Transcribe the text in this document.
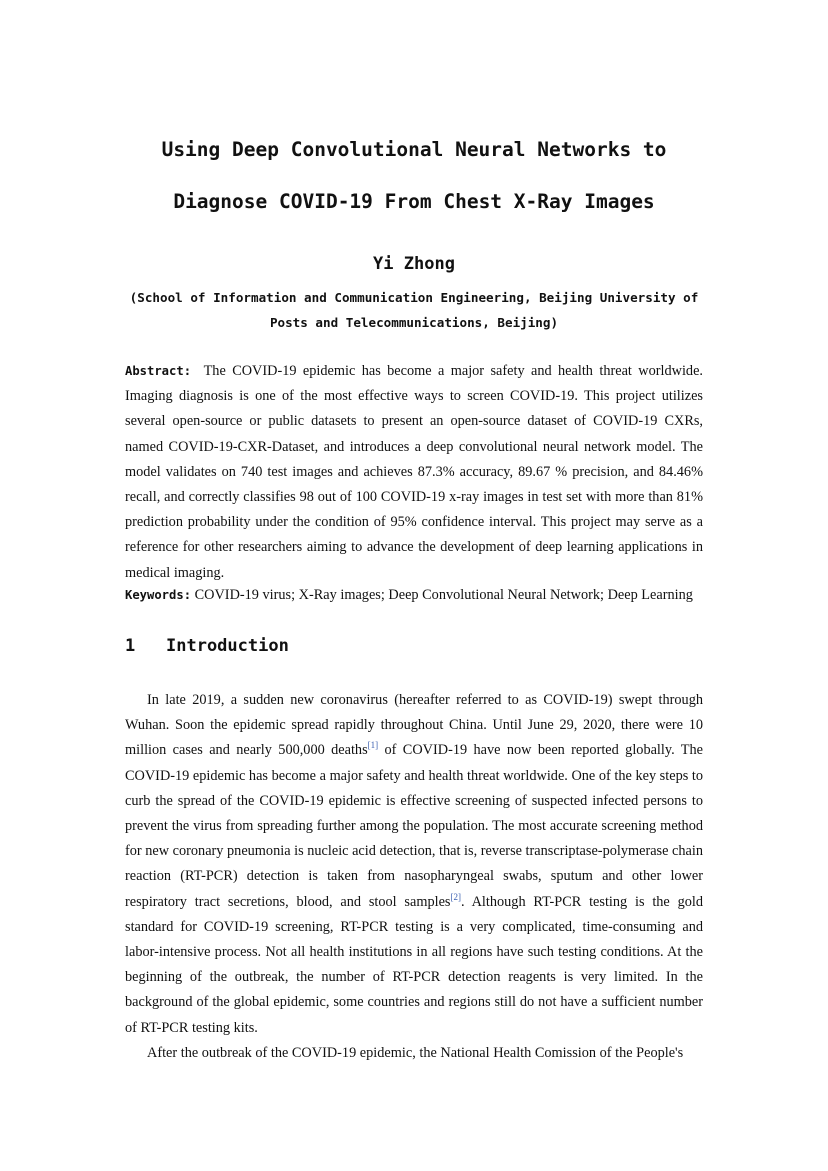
Using Deep Convolutional Neural Networks to
Diagnose COVID-19 From Chest X-Ray Images
Yi Zhong
(School of Information and Communication Engineering, Beijing University of
Posts and Telecommunications, Beijing)

Abstract: The COVID-19 epidemic has become a major safety and health threat worldwide. Imaging diagnosis is one of the most effective ways to screen COVID-19. This project utilizes several open-source or public datasets to present an open-source dataset of COVID-19 CXRs, named COVID-19-CXR-Dataset, and introduces a deep convolutional neural network model. The model validates on 740 test images and achieves 87.3% accuracy, 89.67 % precision, and 84.46% recall, and correctly classifies 98 out of 100 COVID-19 x-ray images in test set with more than 81% prediction probability under the condition of 95% confidence interval. This project may serve as a reference for other researchers aiming to advance the development of deep learning applications in medical imaging.

Keywords: COVID-19 virus; X-Ray images; Deep Convolutional Neural Network; Deep Learning

1 Introduction

In late 2019, a sudden new coronavirus (hereafter referred to as COVID-19) swept through Wuhan. Soon the epidemic spread rapidly throughout China. Until June 29, 2020, there were 10 million cases and nearly 500,000 deaths[1] of COVID-19 have now been reported globally. The COVID-19 epidemic has become a major safety and health threat worldwide. One of the key steps to curb the spread of the COVID-19 epidemic is effective screening of suspected infected persons to prevent the virus from spreading further among the population. The most accurate screening method for new coronary pneumonia is nucleic acid detection, that is, reverse transcriptase-polymerase chain reaction (RT-PCR) detection is taken from nasopharyngeal swabs, sputum and other lower respiratory tract secretions, blood, and stool samples[2]. Although RT-PCR testing is the gold standard for COVID-19 screening, RT-PCR testing is a very complicated, time-consuming and labor-intensive process. Not all health institutions in all regions have such testing conditions. At the beginning of the outbreak, the number of RT-PCR detection reagents is very limited. In the background of the global epidemic, some countries and regions still do not have a sufficient number of RT-PCR testing kits.

After the outbreak of the COVID-19 epidemic, the National Health Comission of the People's
